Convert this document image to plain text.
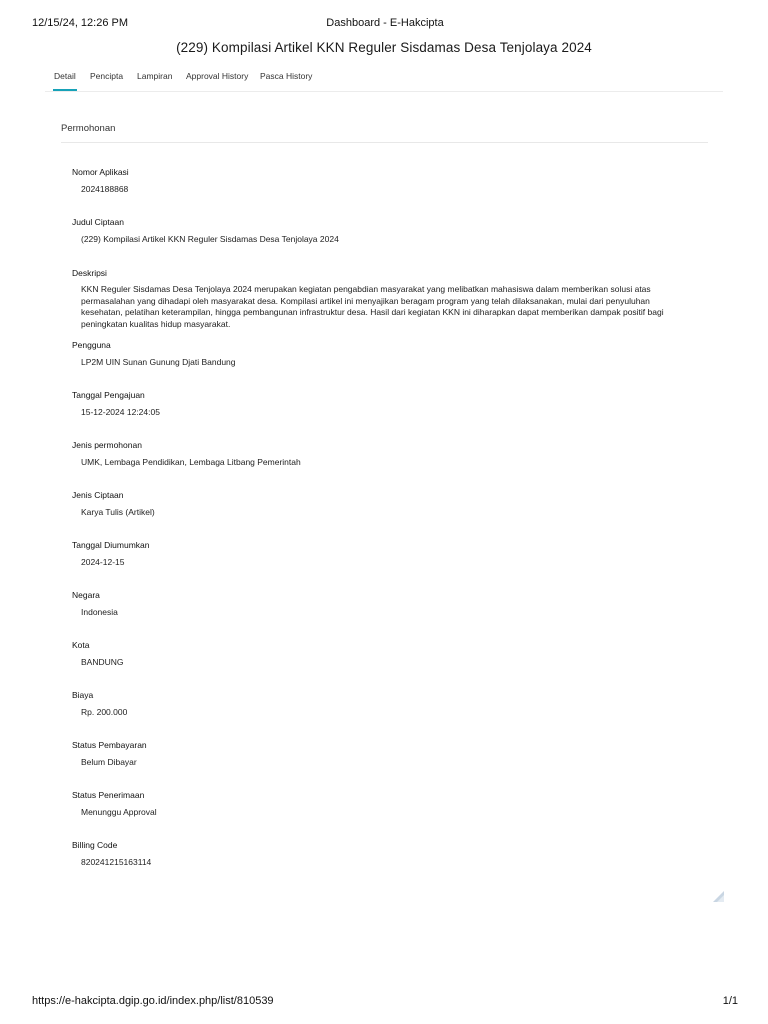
12/15/24, 12:26 PM	Dashboard - E-Hakcipta
(229) Kompilasi Artikel KKN Reguler Sisdamas Desa Tenjolaya 2024
Detail Pencipta Lampiran Approval History Pasca History
Permohonan
Nomor Aplikasi
2024188868
Judul Ciptaan
(229) Kompilasi Artikel KKN Reguler Sisdamas Desa Tenjolaya 2024
Deskripsi
KKN Reguler Sisdamas Desa Tenjolaya 2024 merupakan kegiatan pengabdian masyarakat yang melibatkan mahasiswa dalam memberikan solusi atas permasalahan yang dihadapi oleh masyarakat desa. Kompilasi artikel ini menyajikan beragam program yang telah dilaksanakan, mulai dari penyuluhan kesehatan, pelatihan keterampilan, hingga pembangunan infrastruktur desa. Hasil dari kegiatan KKN ini diharapkan dapat memberikan dampak positif bagi peningkatan kualitas hidup masyarakat.
Pengguna
LP2M UIN Sunan Gunung Djati Bandung
Tanggal Pengajuan
15-12-2024 12:24:05
Jenis permohonan
UMK, Lembaga Pendidikan, Lembaga Litbang Pemerintah
Jenis Ciptaan
Karya Tulis (Artikel)
Tanggal Diumumkan
2024-12-15
Negara
Indonesia
Kota
BANDUNG
Biaya
Rp. 200.000
Status Pembayaran
Belum Dibayar
Status Penerimaan
Menunggu Approval
Billing Code
820241215163114
https://e-hakcipta.dgip.go.id/index.php/list/810539	1/1
